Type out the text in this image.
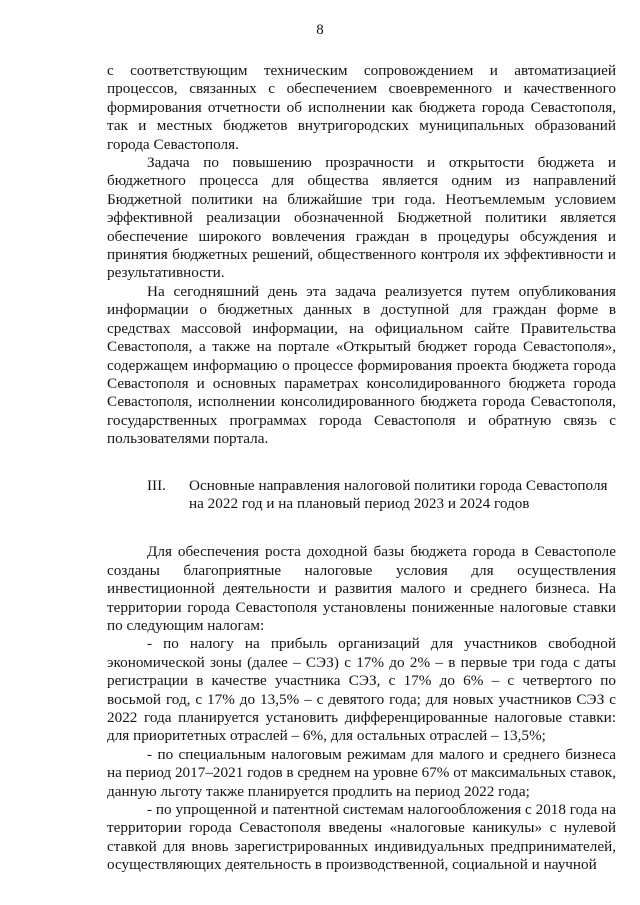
8

с соответствующим техническим сопровождением и автоматизацией процессов, связанных с обеспечением своевременного и качественного формирования отчетности об исполнении как бюджета города Севастополя, так и местных бюджетов внутригородских муниципальных образований города Севастополя.

Задача по повышению прозрачности и открытости бюджета и бюджетного процесса для общества является одним из направлений Бюджетной политики на ближайшие три года. Неотъемлемым условием эффективной реализации обозначенной Бюджетной политики является обеспечение широкого вовлечения граждан в процедуры обсуждения и принятия бюджетных решений, общественного контроля их эффективности и результативности.

На сегодняшний день эта задача реализуется путем опубликования информации о бюджетных данных в доступной для граждан форме в средствах массовой информации, на официальном сайте Правительства Севастополя, а также на портале «Открытый бюджет города Севастополя», содержащем информацию о процессе формирования проекта бюджета города Севастополя и основных параметрах консолидированного бюджета города Севастополя, исполнении консолидированного бюджета города Севастополя, государственных программах города Севастополя и обратную связь с пользователями портала.

III.	Основные направления налоговой политики города Севастополя на 2022 год и на плановый период 2023 и 2024 годов

Для обеспечения роста доходной базы бюджета города в Севастополе созданы благоприятные налоговые условия для осуществления инвестиционной деятельности и развития малого и среднего бизнеса. На территории города Севастополя установлены пониженные налоговые ставки по следующим налогам:

- по налогу на прибыль организаций для участников свободной экономической зоны (далее – СЭЗ) с 17% до 2% – в первые три года с даты регистрации в качестве участника СЭЗ, с 17% до 6% – с четвертого по восьмой год, с 17% до 13,5% – с девятого года; для новых участников СЭЗ с 2022 года планируется установить дифференцированные налоговые ставки: для приоритетных отраслей – 6%, для остальных отраслей – 13,5%;

- по специальным налоговым режимам для малого и среднего бизнеса на период 2017–2021 годов в среднем на уровне 67% от максимальных ставок, данную льготу также планируется продлить на период 2022 года;

- по упрощенной и патентной системам налогообложения с 2018 года на территории города Севастополя введены «налоговые каникулы» с нулевой ставкой для вновь зарегистрированных индивидуальных предпринимателей, осуществляющих деятельность в производственной, социальной и научной
